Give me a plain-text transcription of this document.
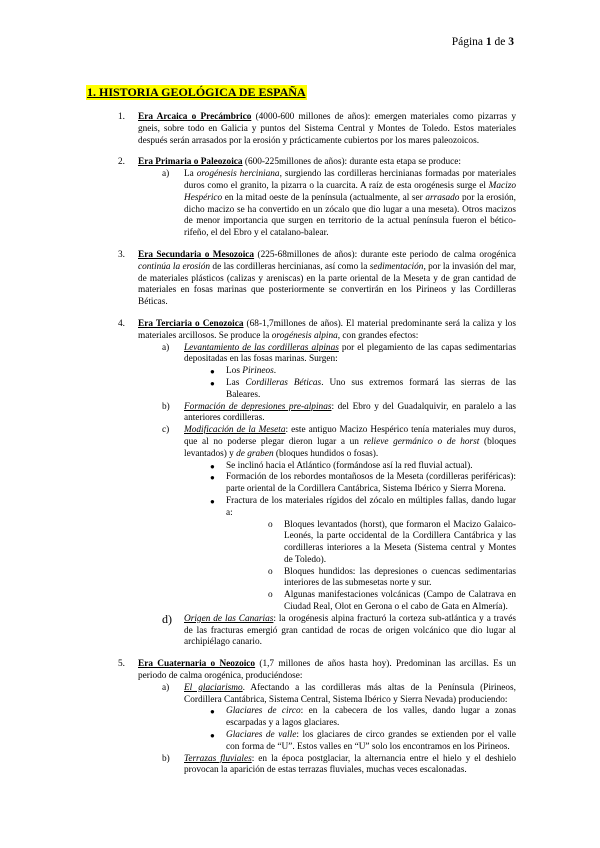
Página 1 de 3
1. HISTORIA GEOLÓGICA DE ESPAÑA
1. Era Arcaica o Precámbrico (4000-600 millones de años): emergen materiales como pizarras y gneis, sobre todo en Galicia y puntos del Sistema Central y Montes de Toledo. Estos materiales después serán arrasados por la erosión y prácticamente cubiertos por los mares paleozoicos.
2. Era Primaria o Paleozoica (600-225millones de años): durante esta etapa se produce:
a) La orogénesis herciniana, surgiendo las cordilleras hercinianas formadas por materiales duros como el granito, la pizarra o la cuarcita. A raíz de esta orogénesis surge el Macizo Hespérico en la mitad oeste de la península (actualmente, al ser arrasado por la erosión, dicho macizo se ha convertido en un zócalo que dio lugar a una meseta). Otros macizos de menor importancia que surgen en territorio de la actual península fueron el bético-rifeño, el del Ebro y el catalano-balear.
3. Era Secundaria o Mesozoica (225-68millones de años): durante este periodo de calma orogénica continúa la erosión de las cordilleras hercinianas, así como la sedimentación, por la invasión del mar, de materiales plásticos (calizas y areniscas) en la parte oriental de la Meseta y de gran cantidad de materiales en fosas marinas que posteriormente se convertirán en los Pirineos y las Cordilleras Béticas.
4. Era Terciaria o Cenozoica (68-1,7millones de años). El material predominante será la caliza y los materiales arcillosos. Se produce la orogénesis alpina, con grandes efectos:
a) Levantamiento de las cordilleras alpinas por el plegamiento de las capas sedimentarias depositadas en las fosas marinas. Surgen:
● Los Pirineos.
● Las Cordilleras Béticas. Uno sus extremos formará las sierras de las Baleares.
b) Formación de depresiones pre-alpinas: del Ebro y del Guadalquivir, en paralelo a las anteriores cordilleras.
c) Modificación de la Meseta: este antiguo Macizo Hespérico tenía materiales muy duros, que al no poderse plegar dieron lugar a un relieve germánico o de horst (bloques levantados) y de graben (bloques hundidos o fosas).
● Se inclinó hacia el Atlántico (formándose así la red fluvial actual).
● Formación de los rebordes montañosos de la Meseta (cordilleras periféricas): parte oriental de la Cordillera Cantábrica, Sistema Ibérico y Sierra Morena.
● Fractura de los materiales rígidos del zócalo en múltiples fallas, dando lugar a:
o Bloques levantados (horst), que formaron el Macizo Galaico-Leonés, la parte occidental de la Cordillera Cantábrica y las cordilleras interiores a la Meseta (Sistema central y Montes de Toledo).
o Bloques hundidos: las depresiones o cuencas sedimentarias interiores de las submesetas norte y sur.
o Algunas manifestaciones volcánicas (Campo de Calatrava en Ciudad Real, Olot en Gerona o el cabo de Gata en Almería).
d) Origen de las Canarias: la orogénesis alpina fracturó la corteza sub-atlántica y a través de las fracturas emergió gran cantidad de rocas de origen volcánico que dio lugar al archipiélago canario.
5. Era Cuaternaria o Neozoico (1,7 millones de años hasta hoy). Predominan las arcillas. Es un periodo de calma orogénica, produciéndose:
a) El glaciarismo. Afectando a las cordilleras más altas de la Península (Pirineos, Cordillera Cantábrica, Sistema Central, Sistema Ibérico y Sierra Nevada) produciendo:
● Glaciares de circo: en la cabecera de los valles, dando lugar a zonas escarpadas y a lagos glaciares.
● Glaciares de valle: los glaciares de circo grandes se extienden por el valle con forma de “U”. Estos valles en “U” solo los encontramos en los Pirineos.
b) Terrazas fluviales: en la época postglaciar, la alternancia entre el hielo y el deshielo provocan la aparición de estas terrazas fluviales, muchas veces escalonadas.
